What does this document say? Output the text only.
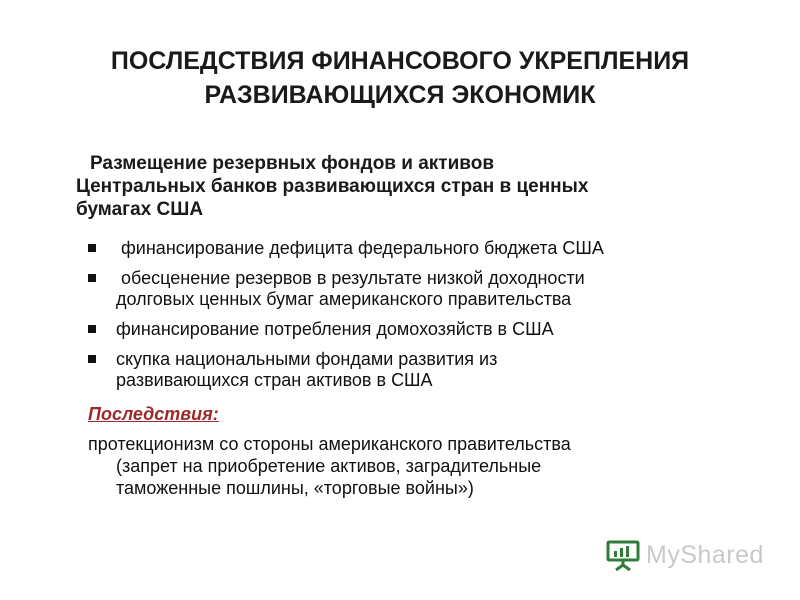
ПОСЛЕДСТВИЯ ФИНАНСОВОГО УКРЕПЛЕНИЯ
РАЗВИВАЮЩИХСЯ ЭКОНОМИК
Размещение резервных фондов и активов
Центральных банков развивающихся стран в ценных
бумагах США
финансирование дефицита федерального бюджета США
обесценение резервов в результате низкой доходности
долговых ценных бумаг американского правительства
финансирование потребления домохозяйств в США
скупка национальными фондами развития из
развивающихся стран активов в США
Последствия:
протекционизм со стороны американского правительства
(запрет на приобретение активов, заградительные
таможенные пошлины, «торговые войны»)
MyShared
